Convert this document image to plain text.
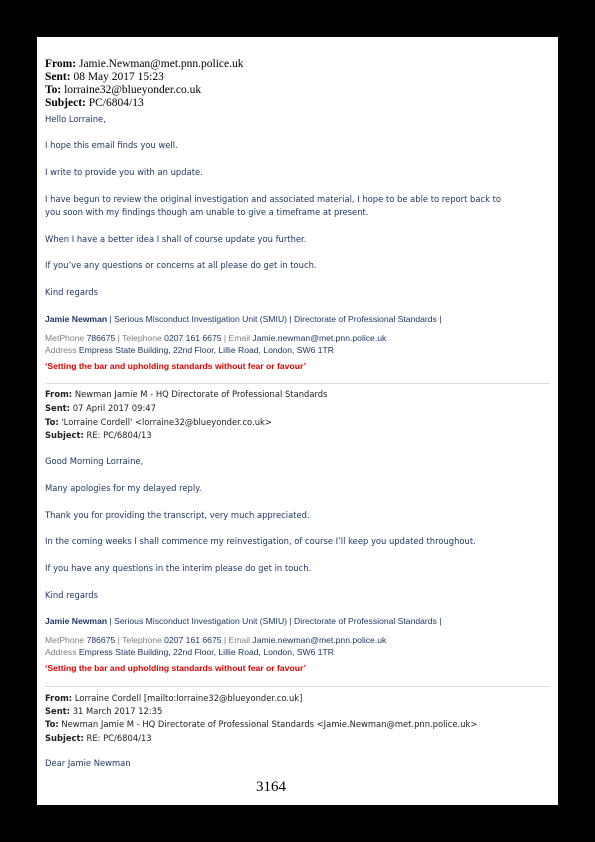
From: Jamie.Newman@met.pnn.police.uk
Sent: 08 May 2017 15:23
To: lorraine32@blueyonder.co.uk
Subject: PC/6804/13
Hello Lorraine,
I hope this email finds you well.
I write to provide you with an update.
I have begun to review the original investigation and associated material, I hope to be able to report back to
you soon with my findings though am unable to give a timeframe at present.
When I have a better idea I shall of course update you further.
If you’ve any questions or concerns at all please do get in touch.
Kind regards
Jamie Newman | Serious Misconduct Investigation Unit (SMIU) | Directorate of Professional Standards |
MetPhone 786675 | Telephone 0207 161 6675 | Email Jamie.newman@met.pnn.police.uk
Address Empress State Building, 22nd Floor, Lillie Road, London, SW6 1TR
‘Setting the bar and upholding standards without fear or favour’
From: Newman Jamie M - HQ Directorate of Professional Standards
Sent: 07 April 2017 09:47
To: 'Lorraine Cordell' <lorraine32@blueyonder.co.uk>
Subject: RE: PC/6804/13
Good Morning Lorraine,
Many apologies for my delayed reply.
Thank you for providing the transcript, very much appreciated.
In the coming weeks I shall commence my reinvestigation, of course I’ll keep you updated throughout.
If you have any questions in the interim please do get in touch.
Kind regards
Jamie Newman | Serious Misconduct Investigation Unit (SMIU) | Directorate of Professional Standards |
MetPhone 786675 | Telephone 0207 161 6675 | Email Jamie.newman@met.pnn.police.uk
Address Empress State Building, 22nd Floor, Lillie Road, London, SW6 1TR
‘Setting the bar and upholding standards without fear or favour’
From: Lorraine Cordell [mailto:lorraine32@blueyonder.co.uk]
Sent: 31 March 2017 12:35
To: Newman Jamie M - HQ Directorate of Professional Standards <Jamie.Newman@met.pnn.police.uk>
Subject: RE: PC/6804/13
Dear Jamie Newman
3164
